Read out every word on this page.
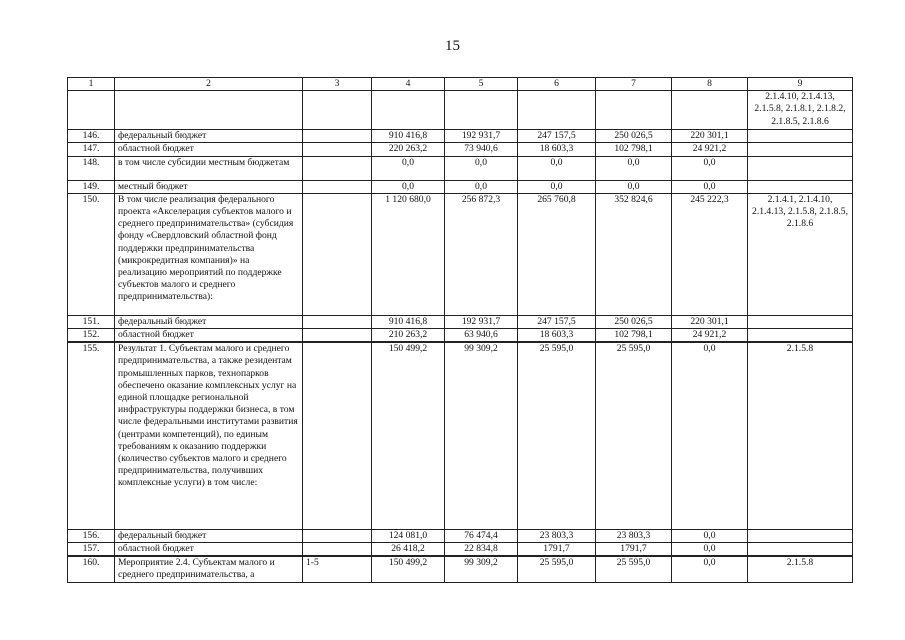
15
1	2	3	4	5	6	7	8	9
								2.1.4.10, 2.1.4.13, 2.1.5.8, 2.1.8.1, 2.1.8.2, 2.1.8.5, 2.1.8.6
146.	федеральный бюджет		910 416,8	192 931,7	247 157,5	250 026,5	220 301,1	
147.	областной бюджет		220 263,2	73 940,6	18 603,3	102 798,1	24 921,2	
148.	в том числе субсидии местным бюджетам		0,0	0,0	0,0	0,0	0,0	
149.	местный бюджет		0,0	0,0	0,0	0,0	0,0	
150.	В том числе реализация федерального проекта «Акселерация субъектов малого и среднего предпринимательства» (субсидия фонду «Свердловский областной фонд поддержки предпринимательства (микрокредитная компания)» на реализацию мероприятий по поддержке субъектов малого и среднего предпринимательства):		1 120 680,0	256 872,3	265 760,8	352 824,6	245 222,3	2.1.4.1, 2.1.4.10, 2.1.4.13, 2.1.5.8, 2.1.8.5, 2.1.8.6
151.	федеральный бюджет		910 416,8	192 931,7	247 157,5	250 026,5	220 301,1	
152.	областной бюджет		210 263,2	63 940,6	18 603,3	102 798,1	24 921,2	
155.	Результат 1. Субъектам малого и среднего предпринимательства, а также резидентам промышленных парков, технопарков обеспечено оказание комплексных услуг на единой площадке региональной инфраструктуры поддержки бизнеса, в том числе федеральными институтами развития (центрами компетенций), по единым требованиям к оказанию поддержки (количество субъектов малого и среднего предпринимательства, получивших комплексные услуги) в том числе:		150 499,2	99 309,2	25 595,0	25 595,0	0,0	2.1.5.8
156.	федеральный бюджет		124 081,0	76 474,4	23 803,3	23 803,3	0,0	
157.	областной бюджет		26 418,2	22 834,8	1791,7	1791,7	0,0	
160.	Мероприятие 2.4. Субъектам малого и среднего предпринимательства, а	1-5	150 499,2	99 309,2	25 595,0	25 595,0	0,0	2.1.5.8
